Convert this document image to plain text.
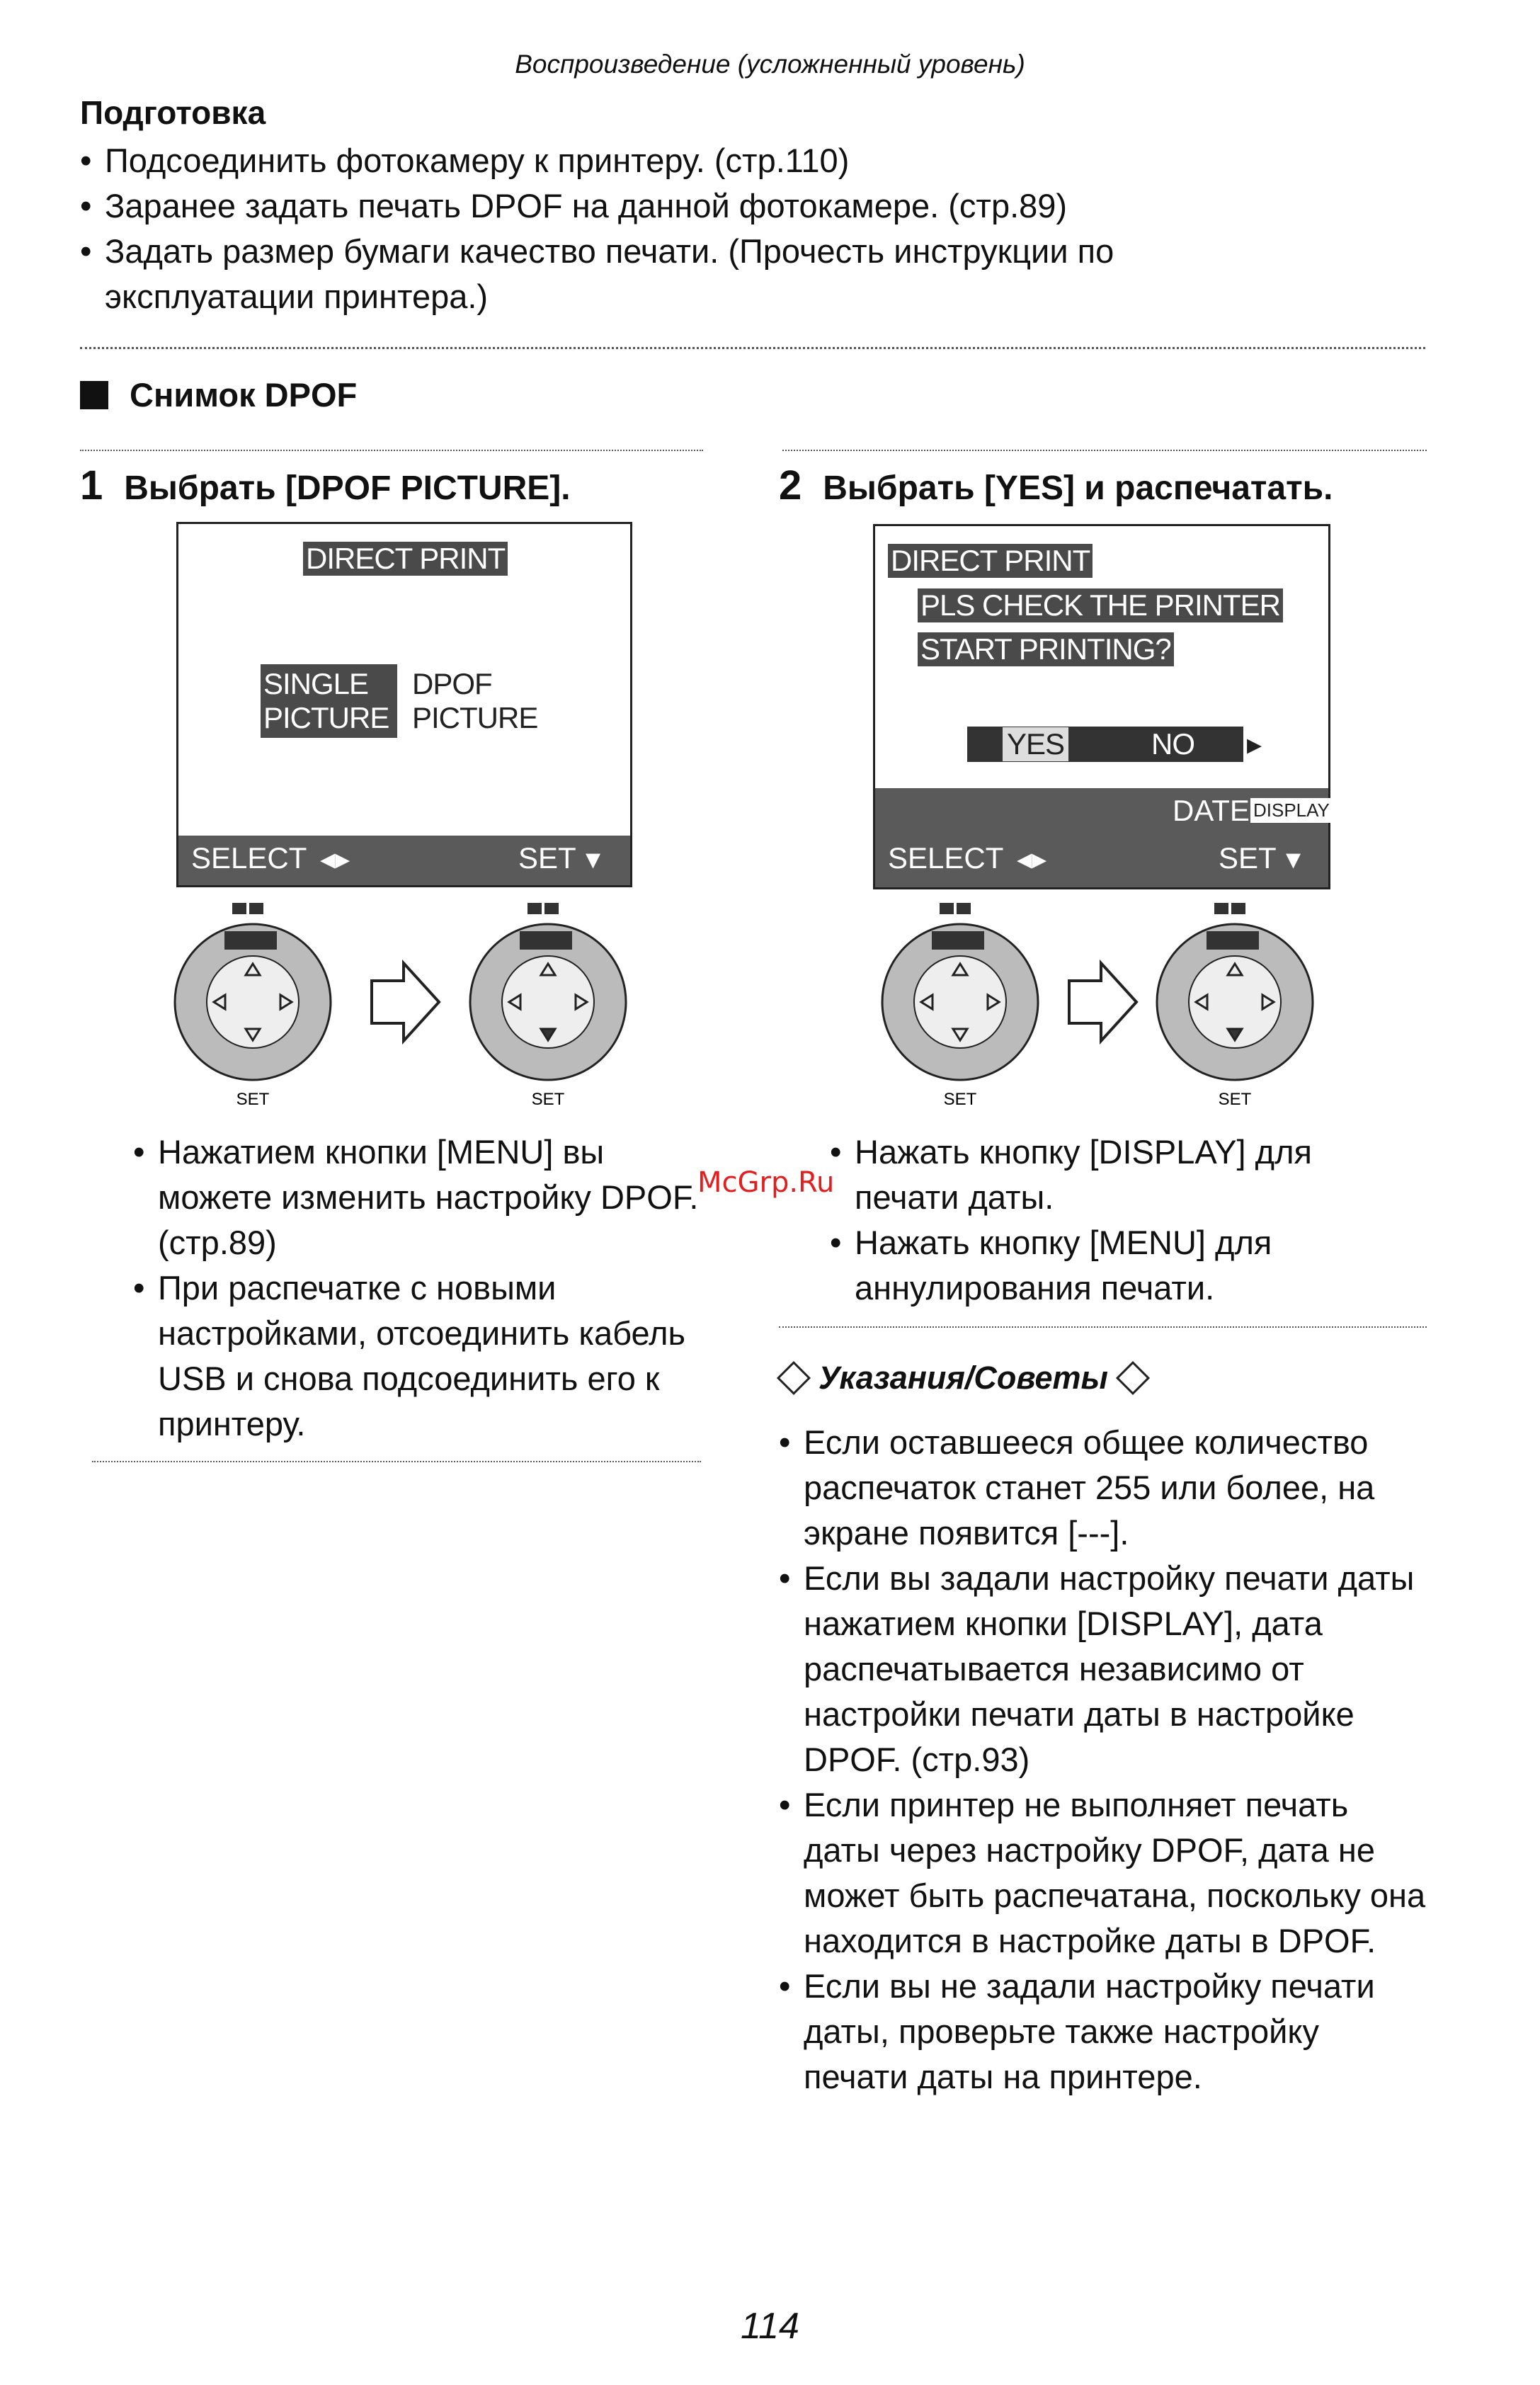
Воспроизведение (усложненный уровень)
Подготовка
• Подсоединить фотокамеру к принтеру. (стр.110)
• Заранее задать печать DPOF на данной фотокамере. (стр.89)
• Задать размер бумаги качество печати. (Прочесть инструкции по эксплуатации принтера.)
Снимок DPOF
1 Выбрать [DPOF PICTURE].
DIRECT PRINT
SINGLE
PICTURE
DPOF
PICTURE
SELECT ◂▸	SET ▾
SET	SET
• Нажатием кнопки [MENU] вы можете изменить настройку DPOF. (стр.89)
• При распечатке с новыми настройками, отсоединить кабель USB и снова подсоединить его к принтеру.
2 Выбрать [YES] и распечатать.
DIRECT PRINT
PLS CHECK THE PRINTER
START PRINTING?
YES	NO ▸
DATE DISPLAY
SELECT ◂▸	SET ▾
SET	SET
McGrp.Ru
• Нажать кнопку [DISPLAY] для печати даты.
• Нажать кнопку [MENU] для аннулирования печати.
Указания/Советы
• Если оставшееся общее количество распечаток станет 255 или более, на экране появится [---].
• Если вы задали настройку печати даты нажатием кнопки [DISPLAY], дата распечатывается независимо от настройки печати даты в настройке DPOF. (стр.93)
• Если принтер не выполняет печать даты через настройку DPOF, дата не может быть распечатана, поскольку она находится в настройке даты в DPOF.
• Если вы не задали настройку печати даты, проверьте также настройку печати даты на принтере.
114
